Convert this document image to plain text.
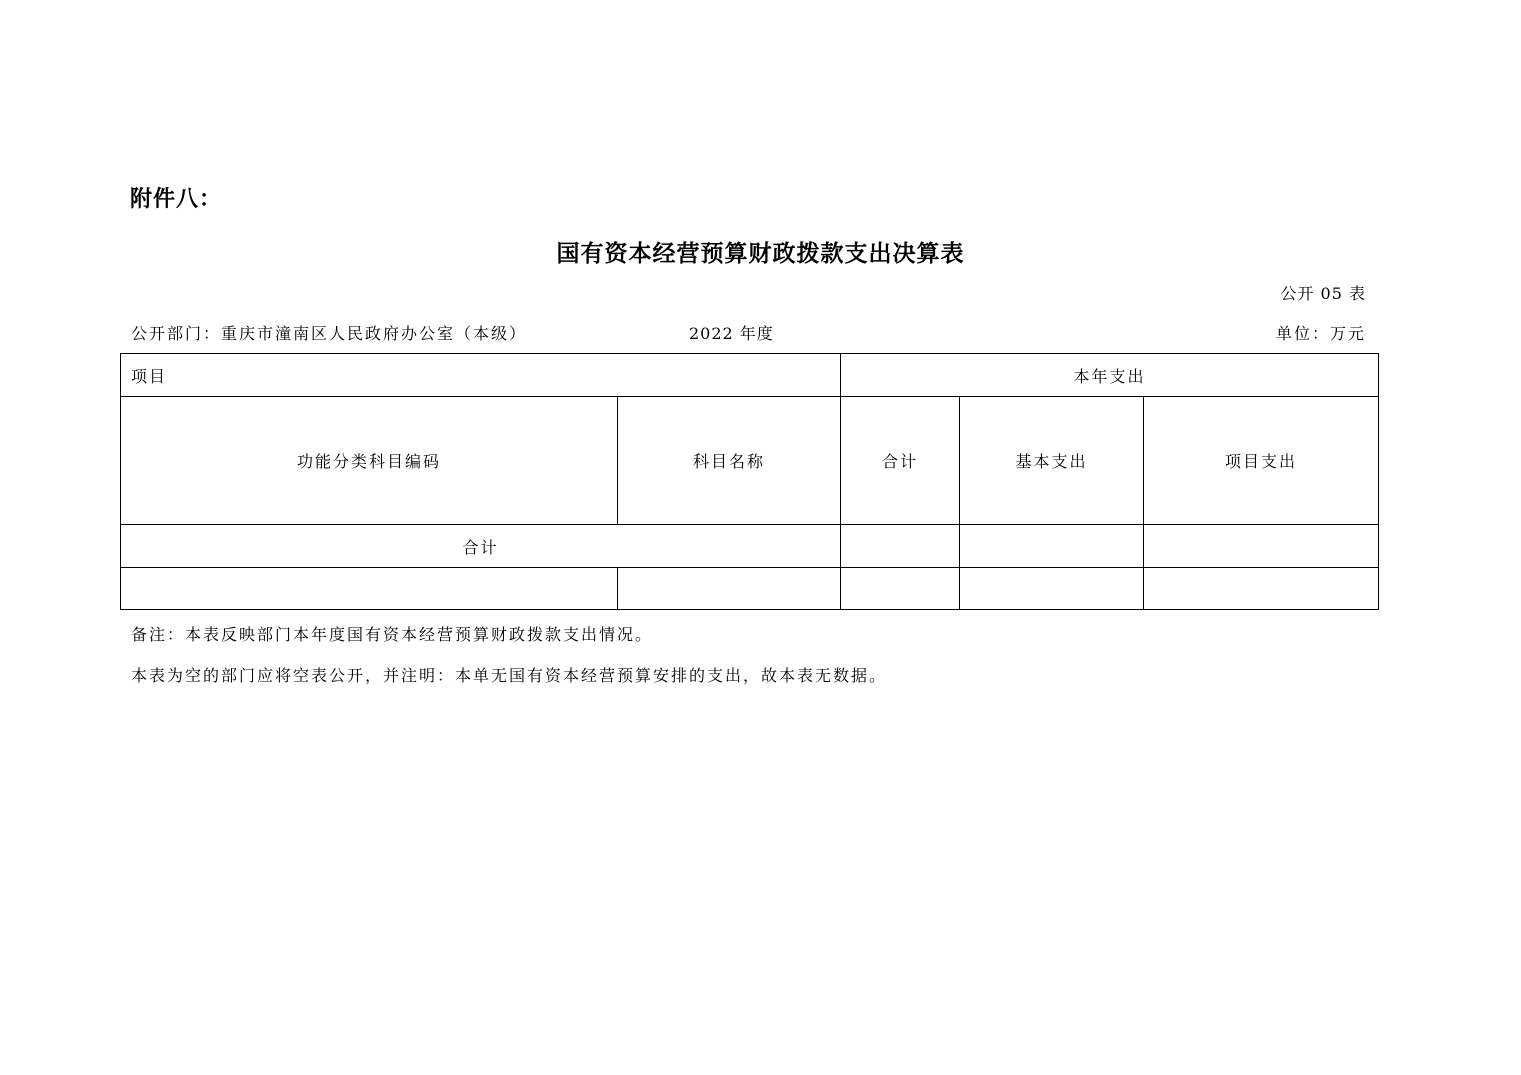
附件八：
国有资本经营预算财政拨款支出决算表
公开 05 表
公开部门：重庆市潼南区人民政府办公室（本级）	2022 年度	单位：万元
项目		本年支出		
功能分类科目编码	科目名称	合计	基本支出	项目支出
合计				

备注：本表反映部门本年度国有资本经营预算财政拨款支出情况。
本表为空的部门应将空表公开，并注明：本单无国有资本经营预算安排的支出，故本表无数据。
